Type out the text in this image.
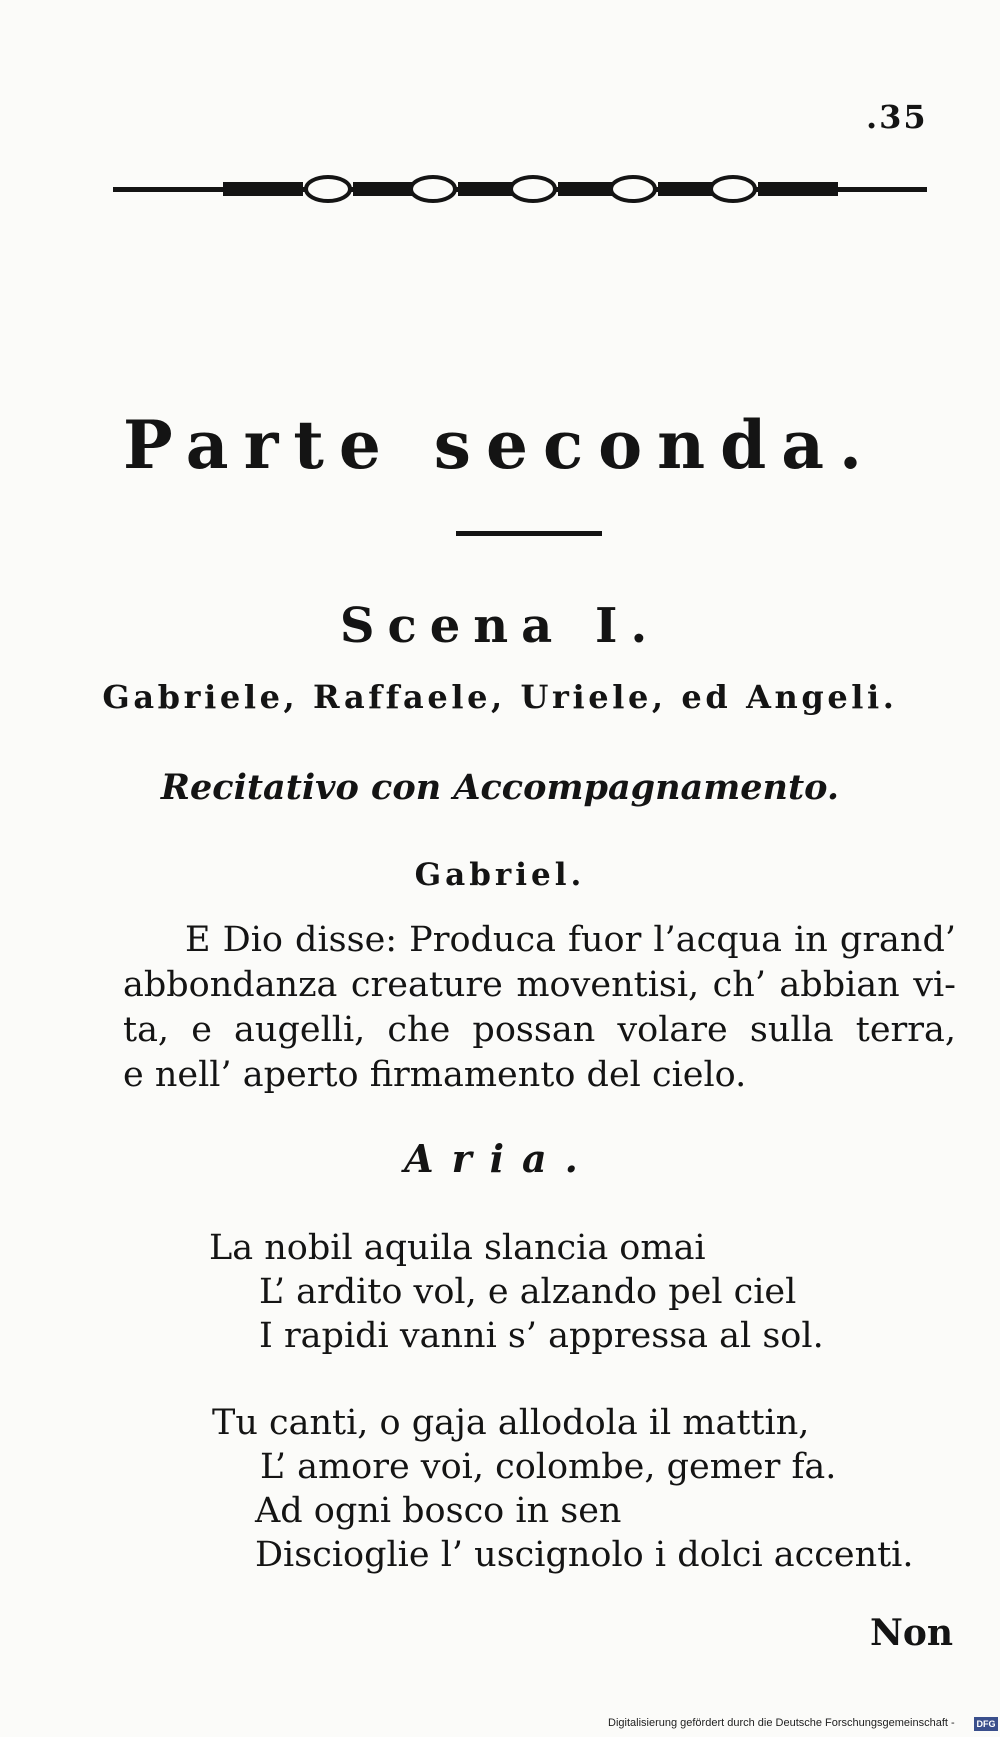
.35
Parte seconda.
Scena I.
Gabriele, Raffaele, Uriele, ed Angeli.
Recitativo con Accompagnamento.
Gabriel.
E Dio disse: Produca fuor l’acqua in grand’
abbondanza creature moventisi, ch’ abbian vi-
ta, e augelli, che possan volare sulla terra,
e nell’ aperto firmamento del cielo.
Aria.
La nobil aquila slancia omai
L’ ardito vol, e alzando pel ciel
I rapidi vanni s’ appressa al sol.
Tu canti, o gaja allodola il mattin,
L’ amore voi, colombe, gemer fa.
Ad ogni bosco in sen
Discioglie l’ uscignolo i dolci accenti.
Non
Digitalisierung gefördert durch die Deutsche Forschungsgemeinschaft - DFG
